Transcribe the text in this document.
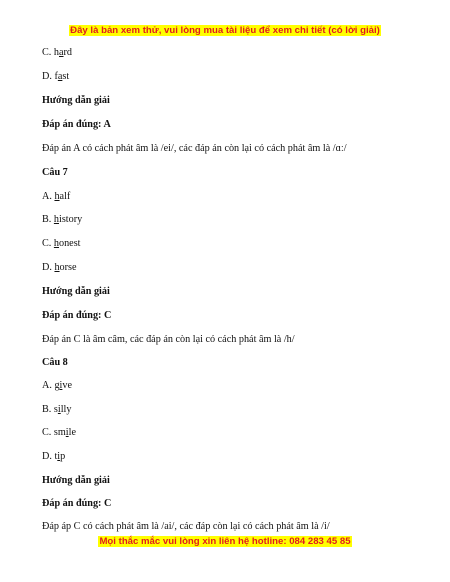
Đây là bản xem thử, vui lòng mua tài liệu để xem chi tiết (có lời giải)
C. hard
D. fast
Hướng dẫn giải
Đáp án đúng: A
Đáp án A có cách phát âm là /ei/, các đáp án còn lại có cách phát âm là /ɑː/
Câu 7
A. half
B. history
C. honest
D. horse
Hướng dẫn giải
Đáp án đúng: C
Đáp án C là âm câm, các đáp án còn lại có cách phát âm là /h/
Câu 8
A. give
B. silly
C. smile
D. tip
Hướng dẫn giải
Đáp án đúng: C
Đáp áp C có cách phát âm là /ai/, các đáp còn lại có cách phát âm là /i/
Mọi thắc mắc vui lòng xin liên hệ hotline: 084 283 45 85
